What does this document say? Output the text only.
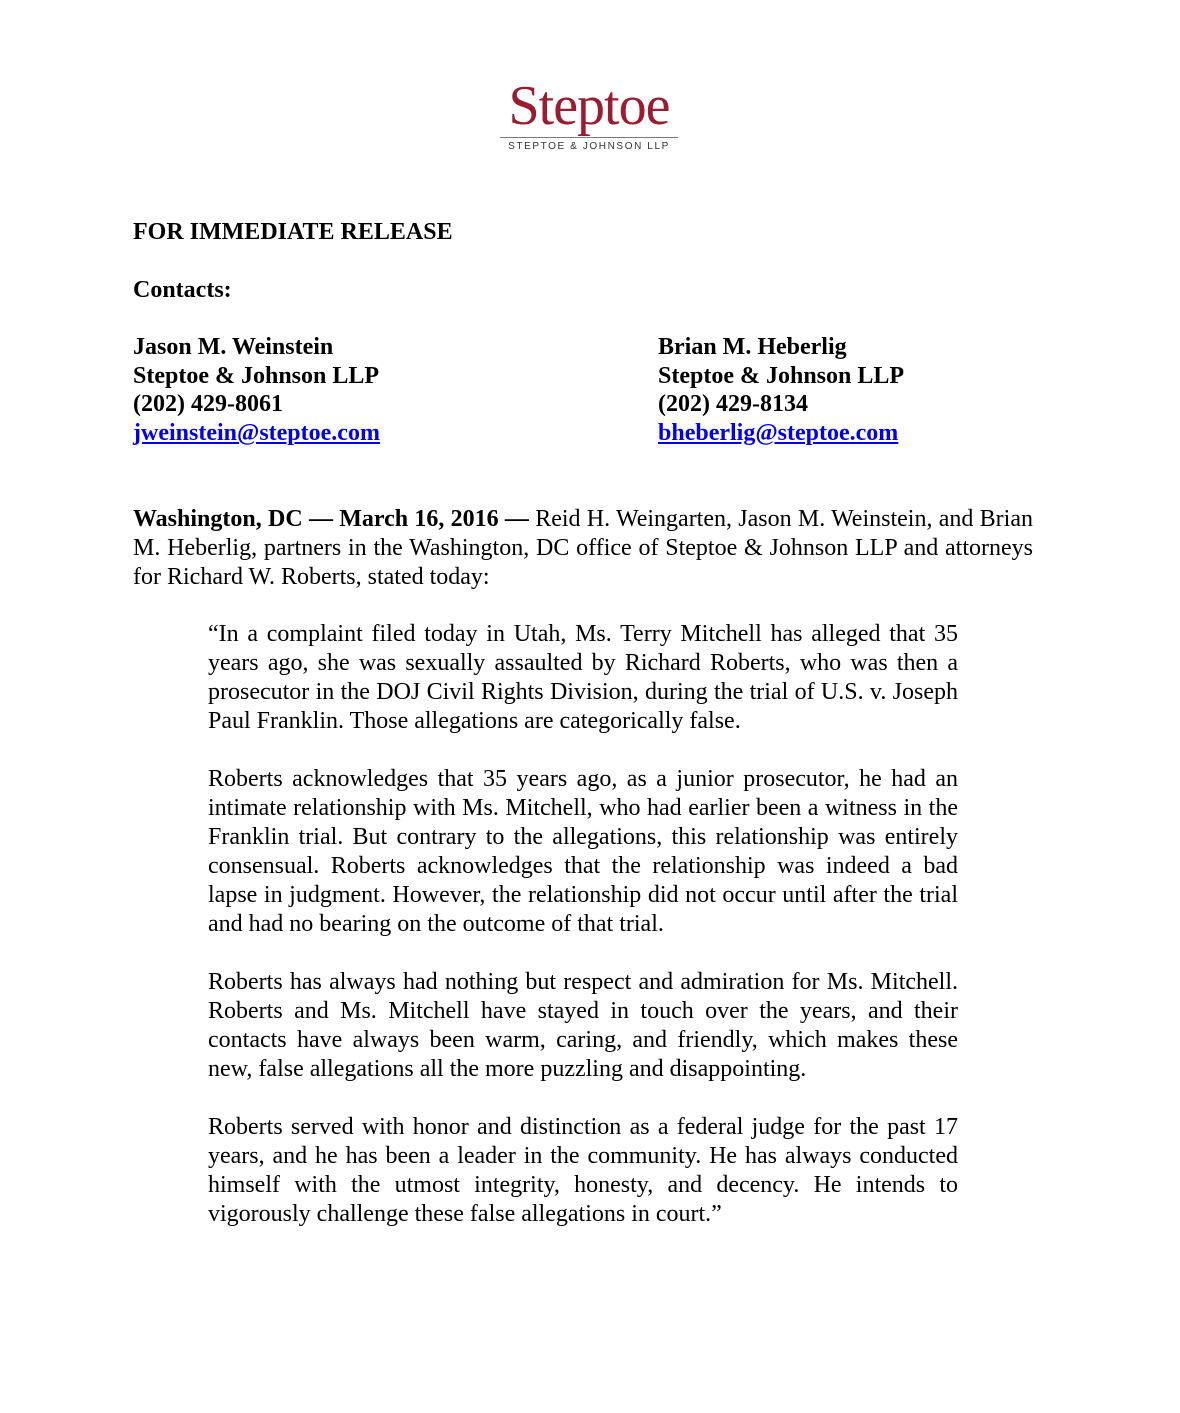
Steptoe
STEPTOE & JOHNSON LLP
FOR IMMEDIATE RELEASE
Contacts:
Jason M. Weinstein
Steptoe & Johnson LLP
(202) 429-8061
jweinstein@steptoe.com
Brian M. Heberlig
Steptoe & Johnson LLP
(202) 429-8134
bheberlig@steptoe.com
Washington, DC — March 16, 2016 — Reid H. Weingarten, Jason M. Weinstein, and Brian M. Heberlig, partners in the Washington, DC office of Steptoe & Johnson LLP and attorneys for Richard W. Roberts, stated today:

“In a complaint filed today in Utah, Ms. Terry Mitchell has alleged that 35 years ago, she was sexually assaulted by Richard Roberts, who was then a prosecutor in the DOJ Civil Rights Division, during the trial of U.S. v. Joseph Paul Franklin. Those allegations are categorically false.

Roberts acknowledges that 35 years ago, as a junior prosecutor, he had an intimate relationship with Ms. Mitchell, who had earlier been a witness in the Franklin trial. But contrary to the allegations, this relationship was entirely consensual. Roberts acknowledges that the relationship was indeed a bad lapse in judgment. However, the relationship did not occur until after the trial and had no bearing on the outcome of that trial.

Roberts has always had nothing but respect and admiration for Ms. Mitchell. Roberts and Ms. Mitchell have stayed in touch over the years, and their contacts have always been warm, caring, and friendly, which makes these new, false allegations all the more puzzling and disappointing.

Roberts served with honor and distinction as a federal judge for the past 17 years, and he has been a leader in the community. He has always conducted himself with the utmost integrity, honesty, and decency. He intends to vigorously challenge these false allegations in court.”
